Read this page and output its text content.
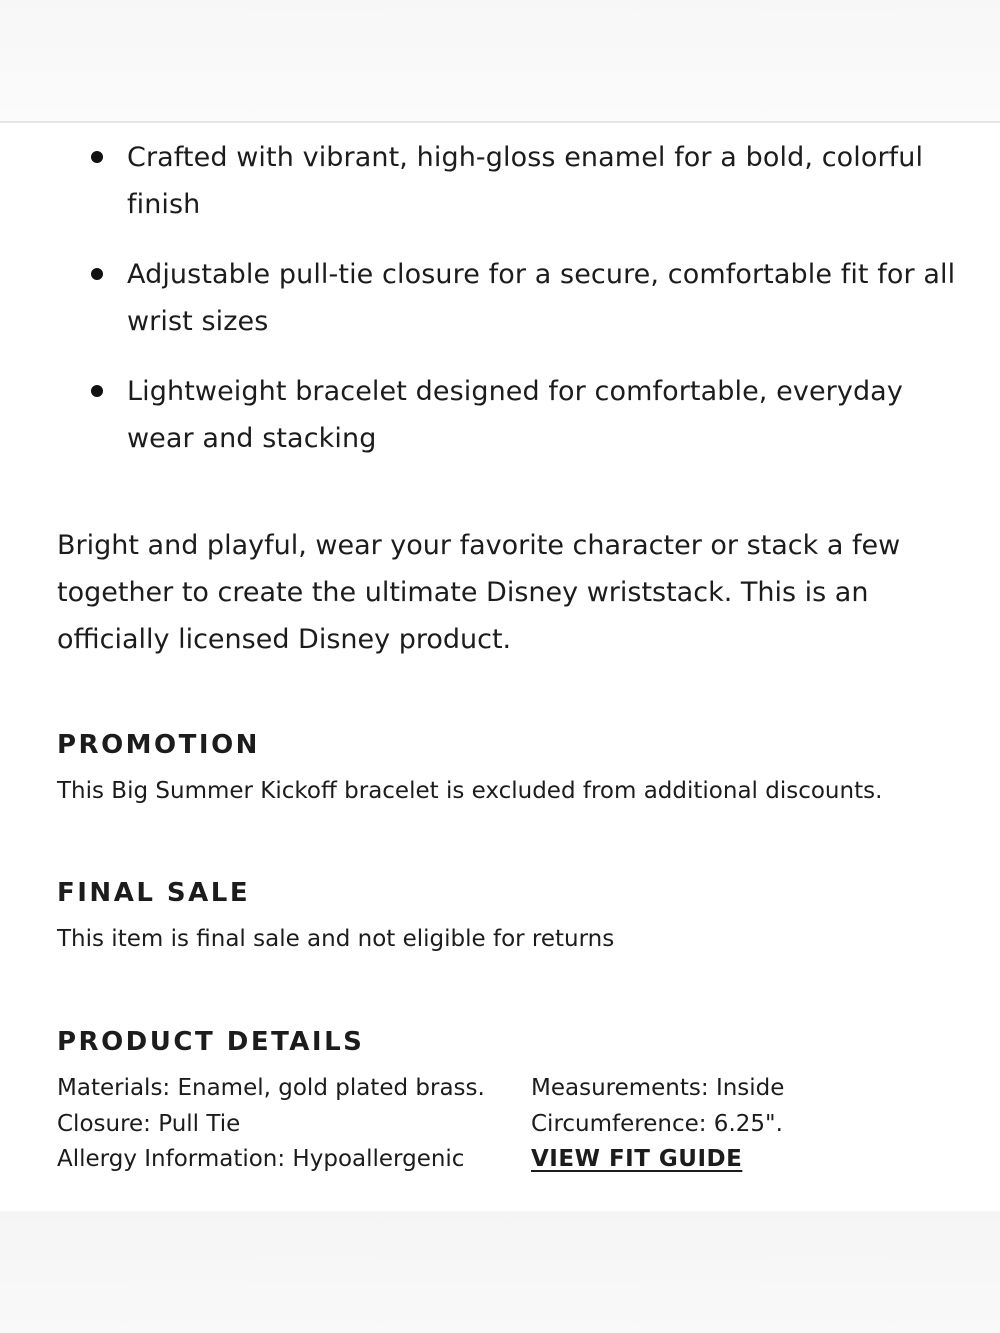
Crafted with vibrant, high-gloss enamel for a bold, colorful finish
Adjustable pull-tie closure for a secure, comfortable fit for all wrist sizes
Lightweight bracelet designed for comfortable, everyday wear and stacking

Bright and playful, wear your favorite character or stack a few together to create the ultimate Disney wriststack. This is an officially licensed Disney product.

PROMOTION

This Big Summer Kickoff bracelet is excluded from additional discounts.

FINAL SALE

This item is final sale and not eligible for returns

PRODUCT DETAILS
Materials: Enamel, gold plated brass.
Closure: Pull Tie
Allergy Information: Hypoallergenic
Measurements: Inside
Circumference: 6.25".
VIEW FIT GUIDE
